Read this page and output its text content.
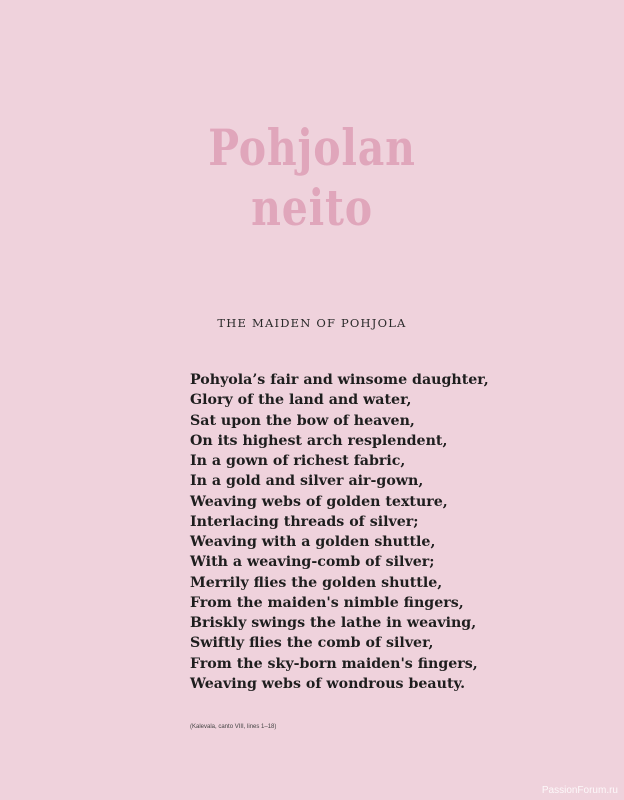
Pohjolan
neito
THE MAIDEN OF POHJOLA
Pohyola’s fair and winsome daughter,
Glory of the land and water,
Sat upon the bow of heaven,
On its highest arch resplendent,
In a gown of richest fabric,
In a gold and silver air-gown,
Weaving webs of golden texture,
Interlacing threads of silver;
Weaving with a golden shuttle,
With a weaving-comb of silver;
Merrily flies the golden shuttle,
From the maiden's nimble fingers,
Briskly swings the lathe in weaving,
Swiftly flies the comb of silver,
From the sky-born maiden's fingers,
Weaving webs of wondrous beauty.
(Kalevala, canto VIII, lines 1–18)
PassionForum.ru
